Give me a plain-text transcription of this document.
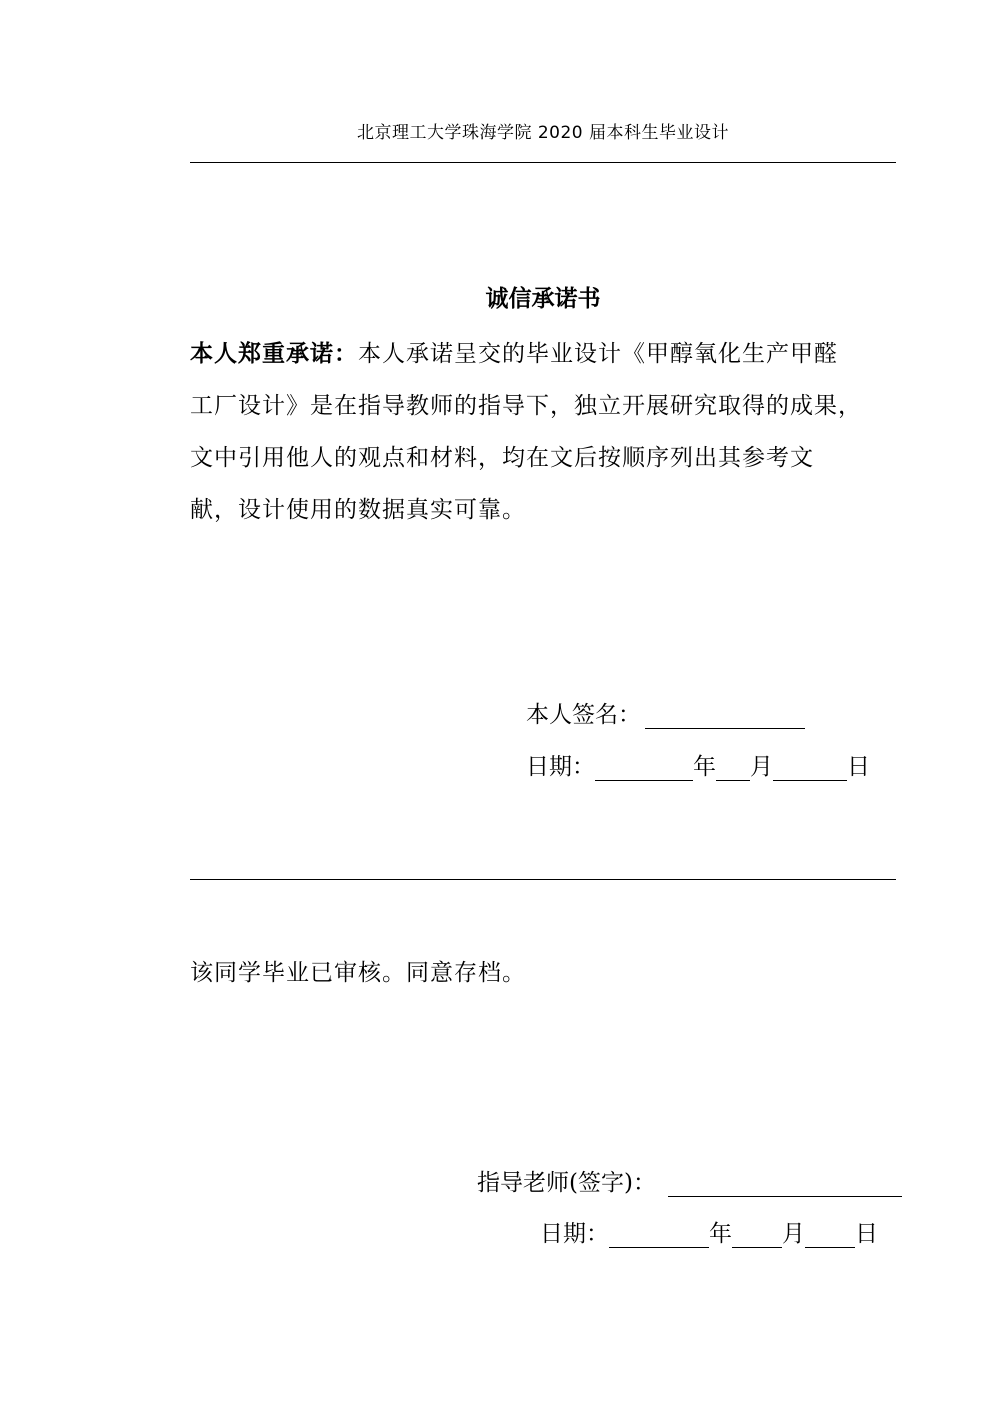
北京理工大学珠海学院 2020 届本科生毕业设计
诚信承诺书
本人郑重承诺：本人承诺呈交的毕业设计《甲醇氧化生产甲醛
工厂设计》是在指导教师的指导下，独立开展研究取得的成果，
文中引用他人的观点和材料，均在文后按顺序列出其参考文
献，设计使用的数据真实可靠。
本人签名：
日期：	年 月	日
该同学毕业已审核。同意存档。
指导老师(签字)：
日期：	年 月 日
